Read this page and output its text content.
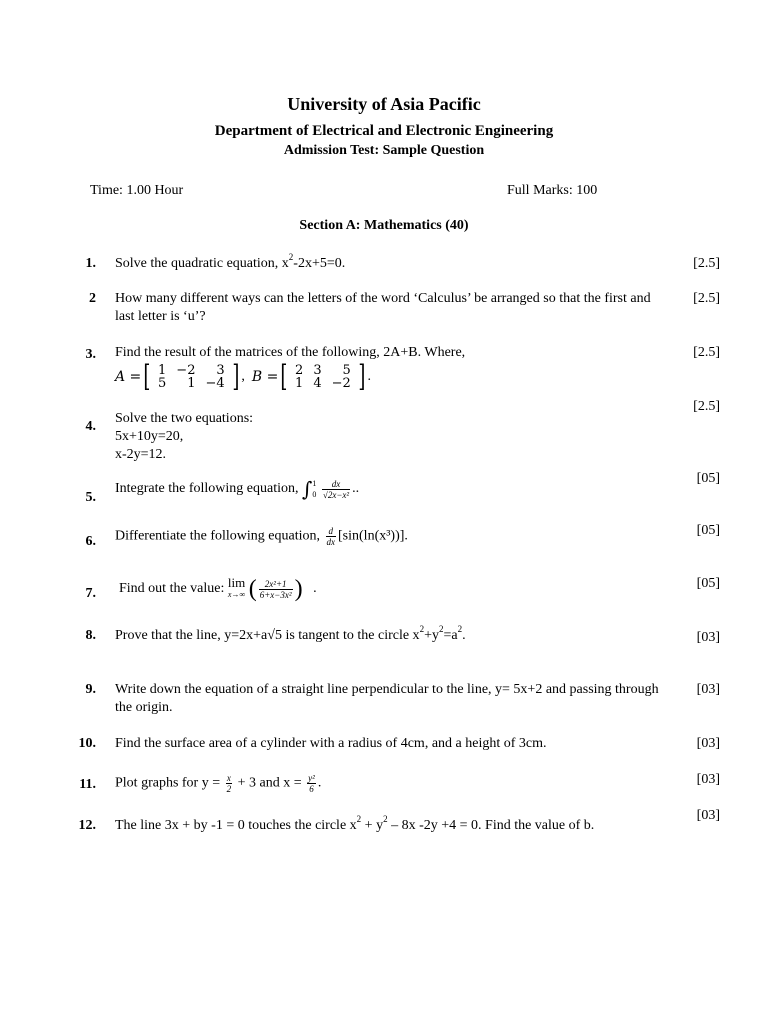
University of Asia Pacific
Department of Electrical and Electronic Engineering
Admission Test: Sample Question
Time: 1.00 Hour	Full Marks: 100
Section A: Mathematics (40)
1. Solve the quadratic equation, $x^2-2x+5=0$.	[2.5]
2 How many different ways can the letters of the word ‘Calculus’ be arranged so that the first and last letter is ‘u’?
[2.5]
3. Find the result of the matrices of the following, 2A+B. Where,

A = [ 1	−2	3
5	1	−4 ] , B = [ 2	3	5
1	4	−2 ] .
[2.5]
4.
Solve the two equations:
5x+10y=20,
x-2y=12.
[2.5]
5.
Integrate the following equation, ∫ 1
0
$\frac{dx}{\text{√2x−x²}}$ ..
[05]
6. Differentiate the following equation, $\frac{d}{dx} [\sin(\ln(x^3))]$.	[05]
7. Find out the value: lim
x→∞ ( $\frac{\text{2x²+1}}{\text{6+x−3x²}}$ ) .	[05]
8. Prove that the line, y=2x+a√5 is tangent to the circle $x^2+y^2=a^2$.	[03]
9. Write down the equation of a straight line perpendicular to the line, y= 5x+2 and passing through the origin.
[03]
10. Find the surface area of a cylinder with a radius of 4cm, and a height of 3cm.	[03]
11. Plot graphs for $y = \frac{x}{2} + 3$ and $x = \frac{\text{y²}}{6}$ .	[03]
12. The line 3x + by -1 = 0 touches the circle $x^2 + y^2 - 8x$ -2y +4 = 0. Find the value of b.
[03]
